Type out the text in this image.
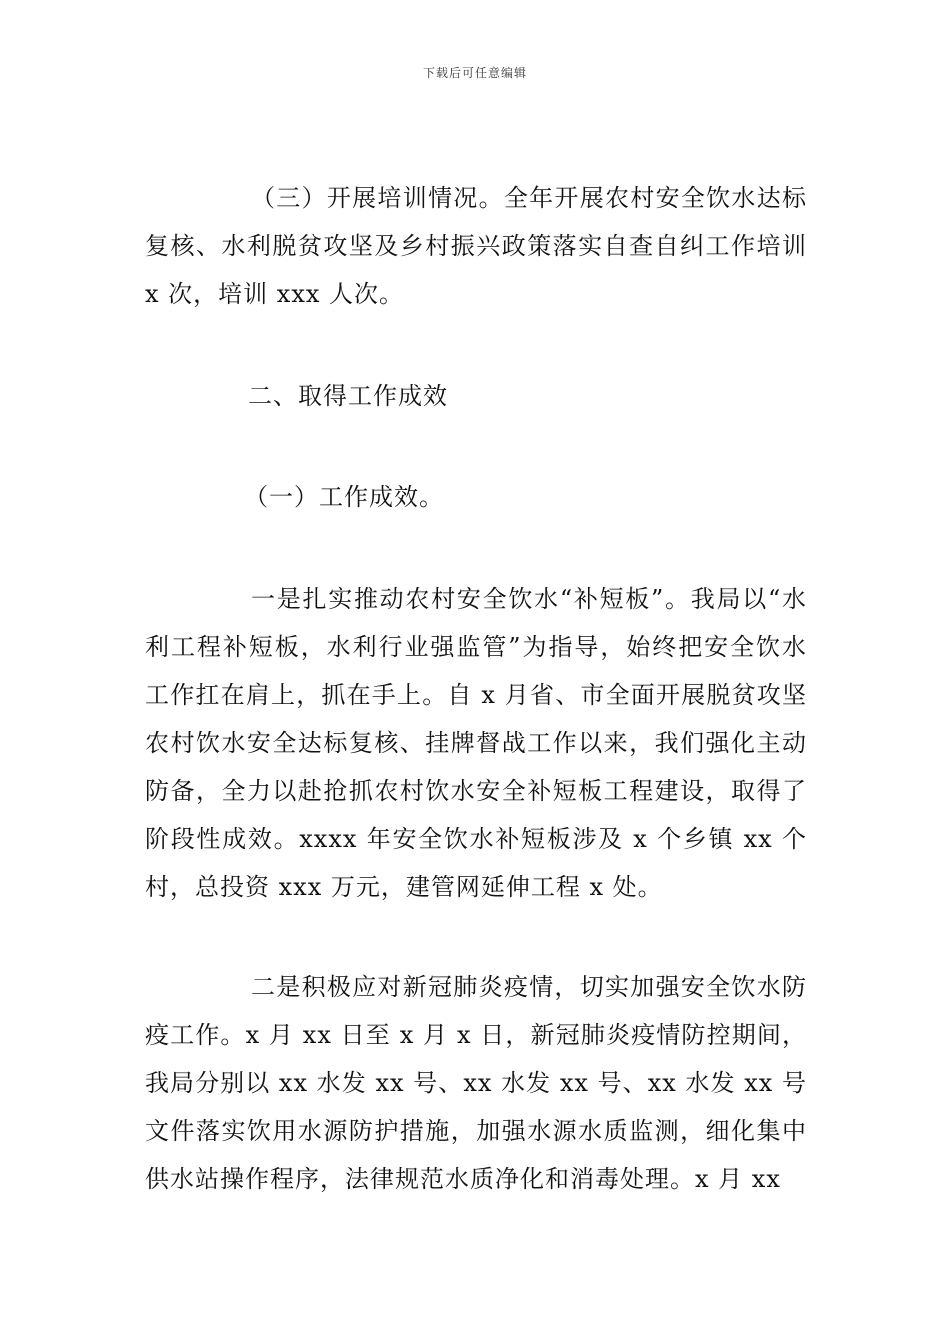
下载后可任意编辑

（三）开展培训情况。全年开展农村安全饮水达标复核、水利脱贫攻坚及乡村振兴政策落实自查自纠工作培训 x 次，培训 xxx 人次。

二、取得工作成效

（一）工作成效。

一是扎实推动农村安全饮水“补短板”。我局以“水利工程补短板，水利行业强监管”为指导，始终把安全饮水工作扛在肩上，抓在手上。自 x 月省、市全面开展脱贫攻坚农村饮水安全达标复核、挂牌督战工作以来，我们强化主动防备，全力以赴抢抓农村饮水安全补短板工程建设，取得了阶段性成效。xxxx 年安全饮水补短板涉及 x 个乡镇 xx 个村，总投资 xxx 万元，建管网延伸工程 x 处。

二是积极应对新冠肺炎疫情，切实加强安全饮水防疫工作。x 月 xx 日至 x 月 x 日，新冠肺炎疫情防控期间，我局分别以 xx 水发 xx 号、xx 水发 xx 号、xx 水发 xx 号文件落实饮用水源防护措施，加强水源水质监测，细化集中供水站操作程序，法律规范水质净化和消毒处理。x 月 xx
